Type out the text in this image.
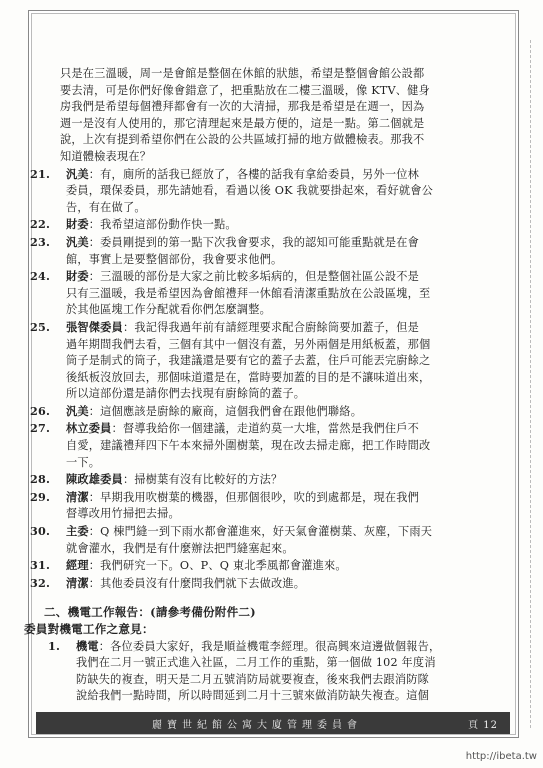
只是在三溫暖，周一是會館是整個在休館的狀態，希望是整個會館公設都

要去清，可是你們好像會錯意了，把重點放在二樓三溫暖，像 KTV、健身

房我們是希望每個禮拜都會有一次的大清掃，那我是希望是在週一，因為

週一是沒有人使用的，那它清理起來是最方便的，這是一點。第二個就是

說，上次有提到希望你們在公設的公共區域打掃的地方做體檢表。那我不

知道體檢表現在？

21.	汎美：有，廁所的話我已經放了，各樓的話我有拿給委員，另外一位林
委員，環保委員，那先請她看，看過以後 OK 我就要掛起來，看好就會公
告，有在做了。
22.	財委：我希望這部份動作快一點。
23.	汎美：委員剛提到的第一點下次我會要求，我的認知可能重點就是在會
館，事實上是要整個部份，我會要求他們。
24.	財委：三溫暖的部份是大家之前比較多垢病的，但是整個社區公設不是
只有三溫暖，我是希望因為會館禮拜一休館看清潔重點放在公設區塊，至
於其他區塊工作分配就看你們怎麼調整。
25.	張智傑委員：我記得我過年前有請經理要求配合廚餘筒要加蓋子，但是
過年期間我們去看，三個有其中一個沒有蓋，另外兩個是用紙板蓋，那個
筒子是制式的筒子，我建議還是要有它的蓋子去蓋，住戶可能丟完廚餘之
後紙板沒放回去，那個味道還是在，當時要加蓋的目的是不讓味道出來，
所以這部份還是請你們去找現有廚餘筒的蓋子。
26.	汎美：這個應該是廚餘的廠商，這個我們會在跟他們聯絡。
27.	林立委員：督導我給你一個建議，走道約莫一大堆，當然是我們住戶不
自愛，建議禮拜四下午本來掃外圍樹葉，現在改去掃走廊，把工作時間改
一下。
28.	陳政雄委員：掃樹葉有沒有比較好的方法？
29.	清潔：早期我用吹樹葉的機器，但那個很吵，吹的到處都是，現在我們
督導改用竹掃把去掃。
30.	主委：Q 棟門縫一到下雨水都會灌進來，好天氣會灌樹葉、灰塵，下雨天
就會灌水，我們是有什麼辦法把門縫塞起來。
31.	經理：我們研究一下。O、P、Q 東北季風都會灌進來。
32.	清潔：其他委員沒有什麼問我們就下去做改進。
二、機電工作報告：(請參考備份附件二)
委員對機電工作之意見：
1.	機電：各位委員大家好，我是順益機電李經理。很高興來這邊做個報告，
我們在二月一號正式進入社區，二月工作的重點，第一個做 102 年度消
防缺失的複查，明天是二月五號消防局就要複查，後來我們去跟消防隊
說給我們一點時間，所以時間延到二月十三號來做消防缺失複查。這個
麗寶世紀館公寓大廈管理委員會	頁 12
http://ibeta.tw
